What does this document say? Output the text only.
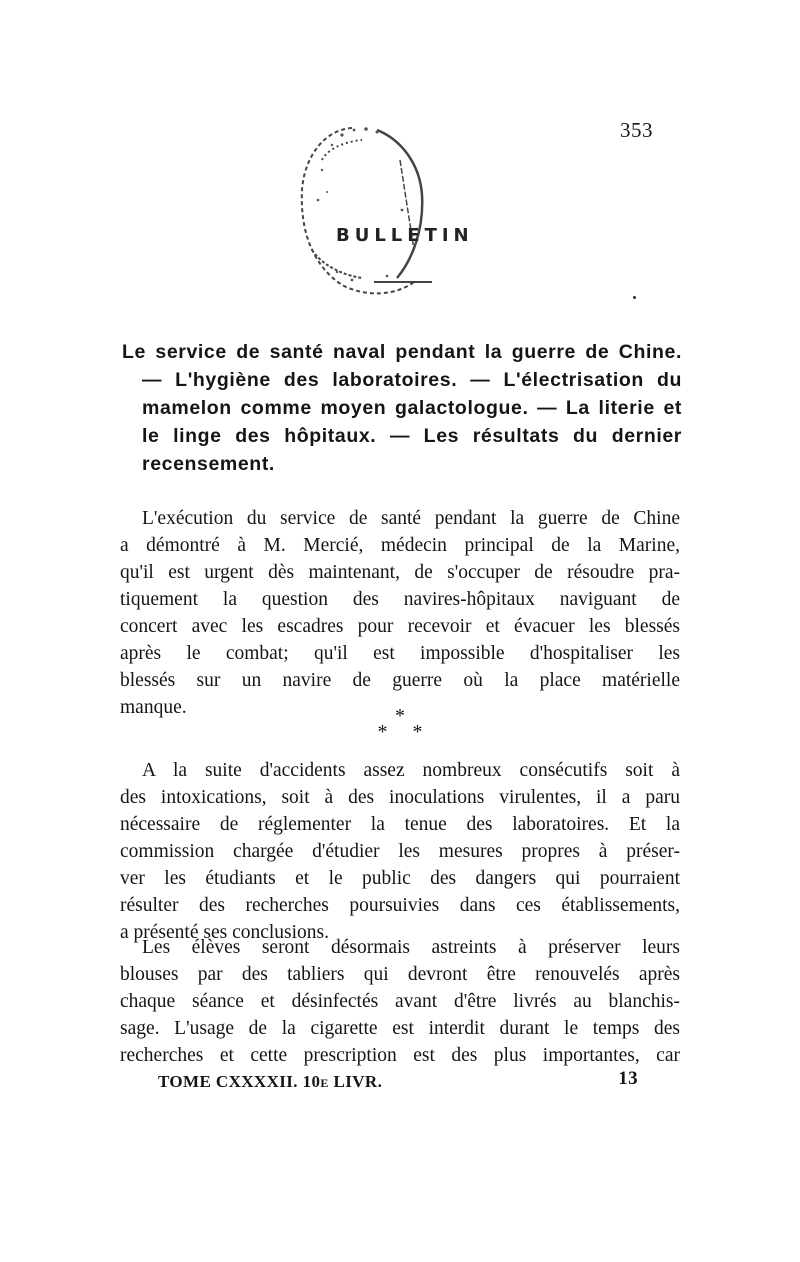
353
BULLETIN
Le service de santé naval pendant la guerre de Chine.
— L'hygiène des laboratoires. — L'électrisation du
mamelon comme moyen galactologue. — La literie et
le linge des hôpitaux. — Les résultats du dernier
recensement.
L'exécution du service de santé pendant la guerre de Chine
a démontré à M. Mercié, médecin principal de la Marine,
qu'il est urgent dès maintenant, de s'occuper de résoudre pra-
tiquement la question des navires-hôpitaux naviguant de
concert avec les escadres pour recevoir et évacuer les blessés
après le combat; qu'il est impossible d'hospitaliser les
blessés sur un navire de guerre où la place matérielle
manque.	*
* *
A la suite d'accidents assez nombreux consécutifs soit à
des intoxications, soit à des inoculations virulentes, il a paru
nécessaire de réglementer la tenue des laboratoires. Et la
commission chargée d'étudier les mesures propres à préser-
ver les étudiants et le public des dangers qui pourraient
résulter des recherches poursuivies dans ces établissements,
a présenté ses conclusions.
Les élèves seront désormais astreints à préserver leurs
blouses par des tabliers qui devront être renouvelés après
chaque séance et désinfectés avant d'être livrés au blanchis-
sage. L'usage de la cigarette est interdit durant le temps des
recherches et cette prescription est des plus importantes, car
TOME CXXXXII. 10e LIVR.	13
